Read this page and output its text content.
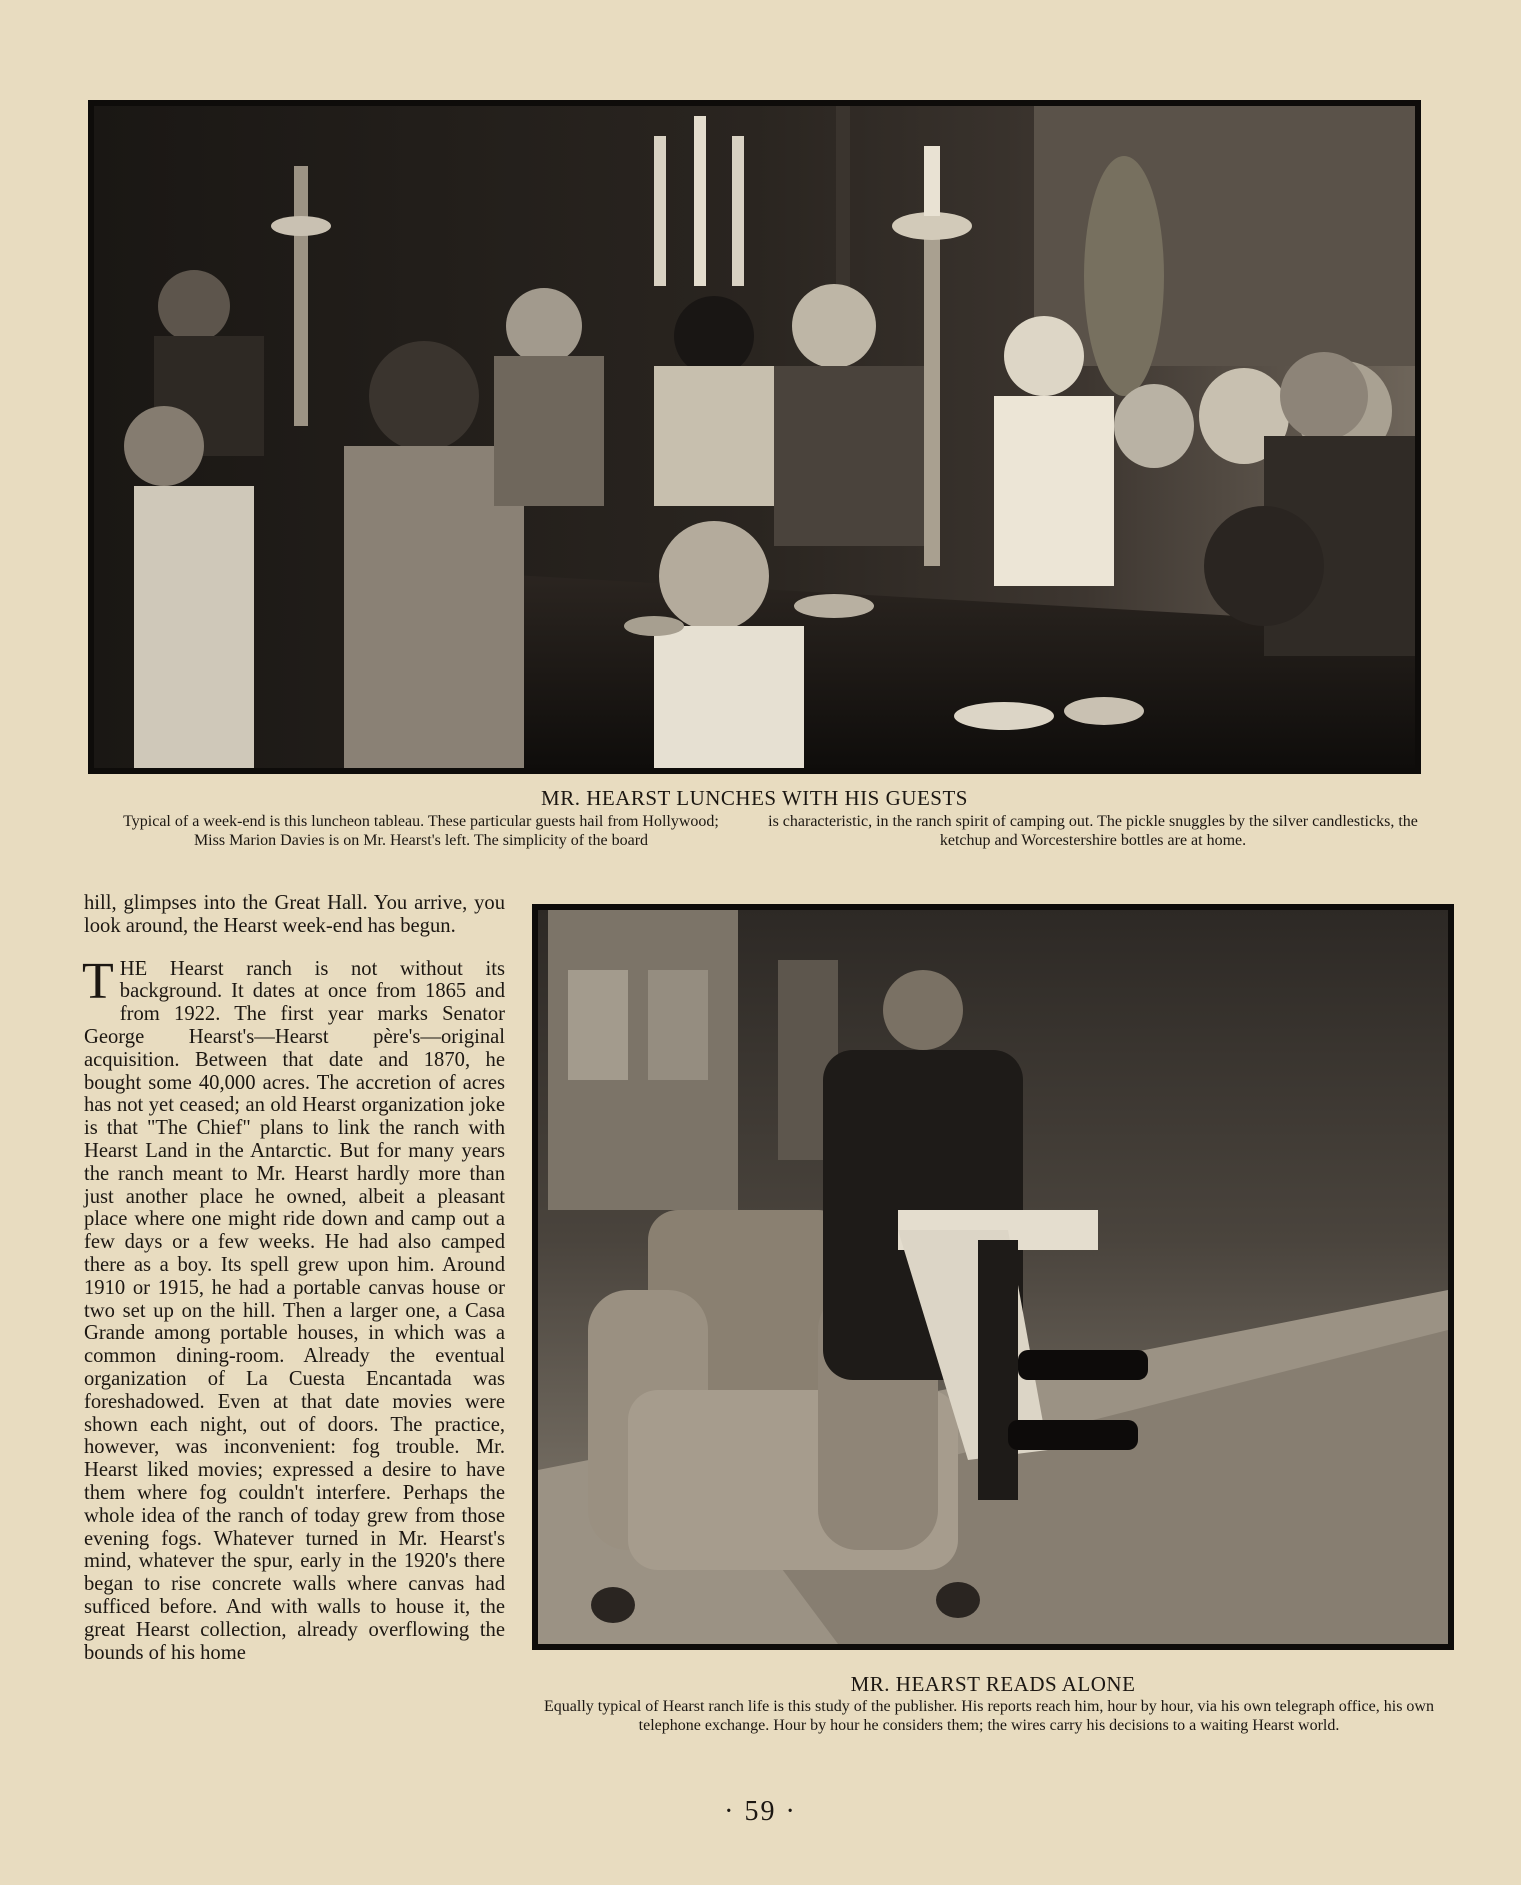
MR. HEARST LUNCHES WITH HIS GUESTS
Typical of a week-end is this luncheon tableau. These particular guests hail from Hollywood; Miss Marion Davies is on Mr. Hearst's left. The simplicity of the board
is characteristic, in the ranch spirit of camping out. The pickle snuggles by the silver candlesticks, the ketchup and Worcestershire bottles are at home.

hill, glimpses into the Great Hall. You arrive, you look around, the Hearst week-end has begun.

THE Hearst ranch is not without its background. It dates at once from 1865 and from 1922. The first year marks Senator George Hearst's—Hearst père's—original acquisition. Between that date and 1870, he bought some 40,000 acres. The accretion of acres has not yet ceased; an old Hearst organization joke is that "The Chief" plans to link the ranch with Hearst Land in the Antarctic. But for many years the ranch meant to Mr. Hearst hardly more than just another place he owned, albeit a pleasant place where one might ride down and camp out a few days or a few weeks. He had also camped there as a boy. Its spell grew upon him. Around 1910 or 1915, he had a portable canvas house or two set up on the hill. Then a larger one, a Casa Grande among portable houses, in which was a common dining-room. Already the eventual organization of La Cuesta Encantada was foreshadowed. Even at that date movies were shown each night, out of doors. The practice, however, was inconvenient: fog trouble. Mr. Hearst liked movies; expressed a desire to have them where fog couldn't interfere. Perhaps the whole idea of the ranch of today grew from those evening fogs. Whatever turned in Mr. Hearst's mind, whatever the spur, early in the 1920's there began to rise concrete walls where canvas had sufficed before. And with walls to house it, the great Hearst collection, already overflowing the bounds of his home

MR. HEARST READS ALONE
Equally typical of Hearst ranch life is this study of the publisher. His reports reach him, hour by hour, via his own telegraph office, his own telephone exchange. Hour by hour he considers them; the wires carry his decisions to a waiting Hearst world.
· 59 ·
